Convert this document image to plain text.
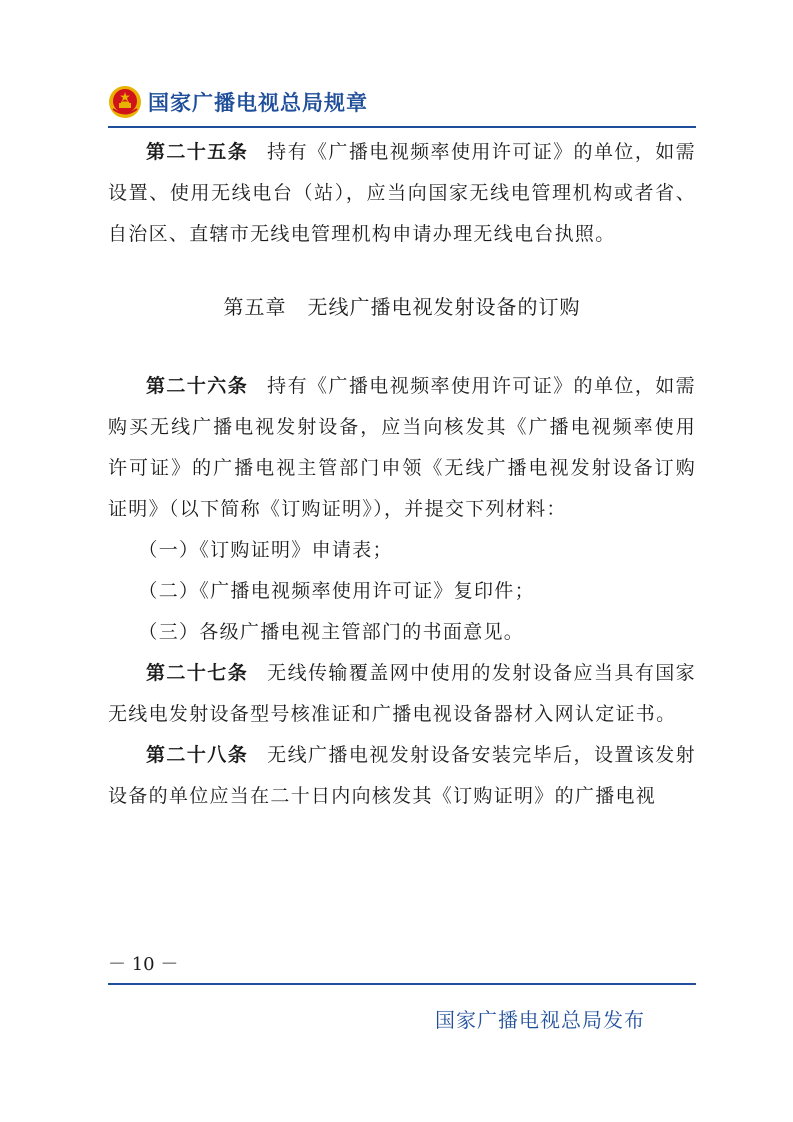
国家广播电视总局规章

第二十五条 持有《广播电视频率使用许可证》的单位，如需设置、使用无线电台（站），应当向国家无线电管理机构或者省、自治区、直辖市无线电管理机构申请办理无线电台执照。

第五章　无线广播电视发射设备的订购

第二十六条 持有《广播电视频率使用许可证》的单位，如需购买无线广播电视发射设备，应当向核发其《广播电视频率使用许可证》的广播电视主管部门申领《无线广播电视发射设备订购证明》（以下简称《订购证明》），并提交下列材料：

（一）《订购证明》申请表；

（二）《广播电视频率使用许可证》复印件；

（三）各级广播电视主管部门的书面意见。

第二十七条 无线传输覆盖网中使用的发射设备应当具有国家无线电发射设备型号核准证和广播电视设备器材入网认定证书。

第二十八条 无线广播电视发射设备安装完毕后，设置该发射设备的单位应当在二十日内向核发其《订购证明》的广播电视

－ 10 －
国家广播电视总局发布
